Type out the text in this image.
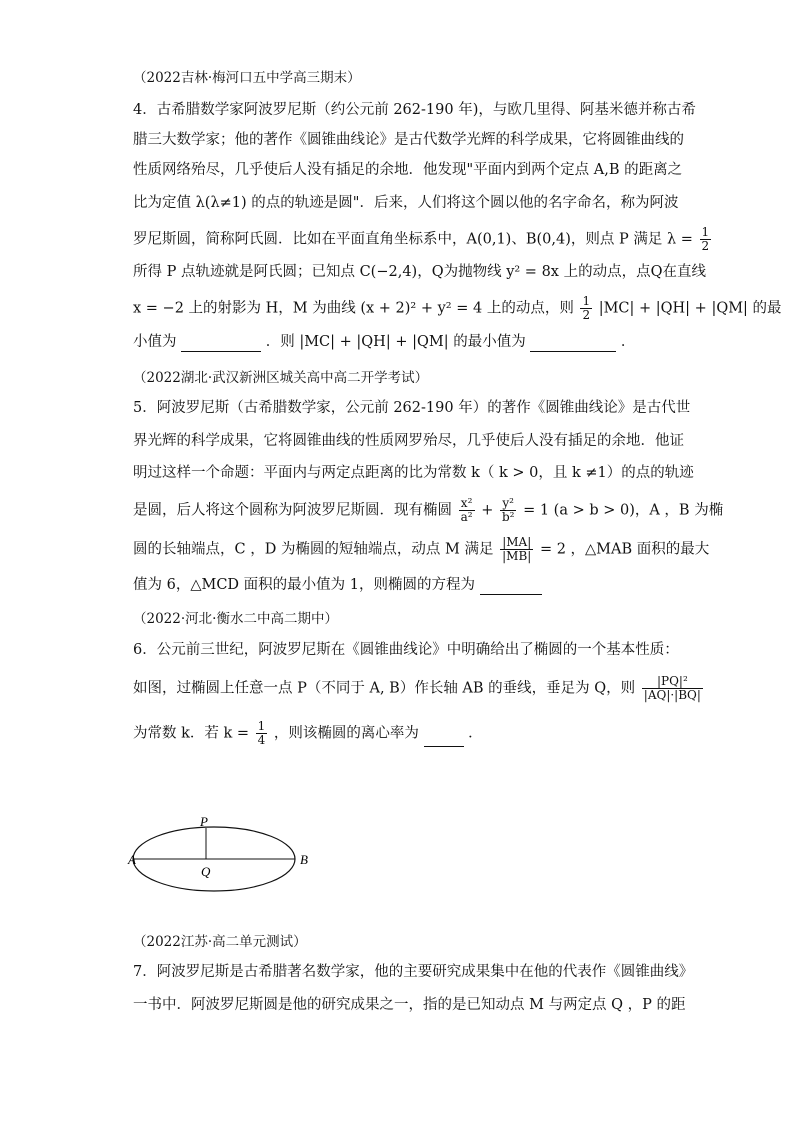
（2022吉林·梅河口五中学高三期末）
4．古希腊数学家阿波罗尼斯（约公元前 262-190 年)，与欧几里得、阿基米德并称古希
腊三大数学家；他的著作《圆锥曲线论》是古代数学光辉的科学成果，它将圆锥曲线的
性质网络殆尽，几乎使后人没有插足的余地．他发现"平面内到两个定点 A,B 的距离之
比为定值 λ(λ≠1) 的点的轨迹是圆"．后来，人们将这个圆以他的名字命名，称为阿波
罗尼斯圆，简称阿氏圆．比如在平面直角坐标系中，A(0,1)、B(0,4)，则点 P 满足 $\lambda = \frac{1}{2}$
所得 P 点轨迹就是阿氏圆；已知点 C(−2,4)，Q为抛物线 y² = 8x 上的动点，点Q在直线
x = −2 上的射影为 H，M 为曲线 (x + 2)² + y² = 4 上的动点，则 $\frac{1}{2} |MC| + |QH| + |QM|$ 的最
小值为	．则 |MC| + |QH| + |QM| 的最小值为	．
（2022湖北·武汉新洲区城关高中高二开学考试）
5．阿波罗尼斯（古希腊数学家，公元前 262-190 年）的著作《圆锥曲线论》是古代世
界光辉的科学成果，它将圆锥曲线的性质网罗殆尽，几乎使后人没有插足的余地．他证
明过这样一个命题：平面内与两定点距离的比为常数 k（ k > 0，且 k ≠1）的点的轨迹
是圆，后人将这个圆称为阿波罗尼斯圆．现有椭圆 $\frac{\text{x²}}{\text{a²}} + \frac{\text{y²}}{\text{b²}} = 1$ (a > b > 0)，A ，B 为椭
圆的长轴端点，C ，D 为椭圆的短轴端点，动点 M 满足 $\frac{|MA|}{|MB|} = 2$ ，△MAB 面积的最大
值为 6，△MCD 面积的最小值为 1，则椭圆的方程为
（2022·河北·衡水二中高二期中）
6．公元前三世纪，阿波罗尼斯在《圆锥曲线论》中明确给出了椭圆的一个基本性质：
如图，过椭圆上任意一点 P（不同于 A, B）作长轴 AB 的垂线，垂足为 Q，则 $\frac{\text{|PQ|²}}{|AQ|\cdot|BQ|}$
为常数 k．若 $k = \frac{1}{4}$ ，则该椭圆的离心率为	．
P
A
Q
B
（2022江苏·高二单元测试）
7．阿波罗尼斯是古希腊著名数学家，他的主要研究成果集中在他的代表作《圆锥曲线》
一书中．阿波罗尼斯圆是他的研究成果之一，指的是已知动点 M 与两定点 Q ，P 的距
